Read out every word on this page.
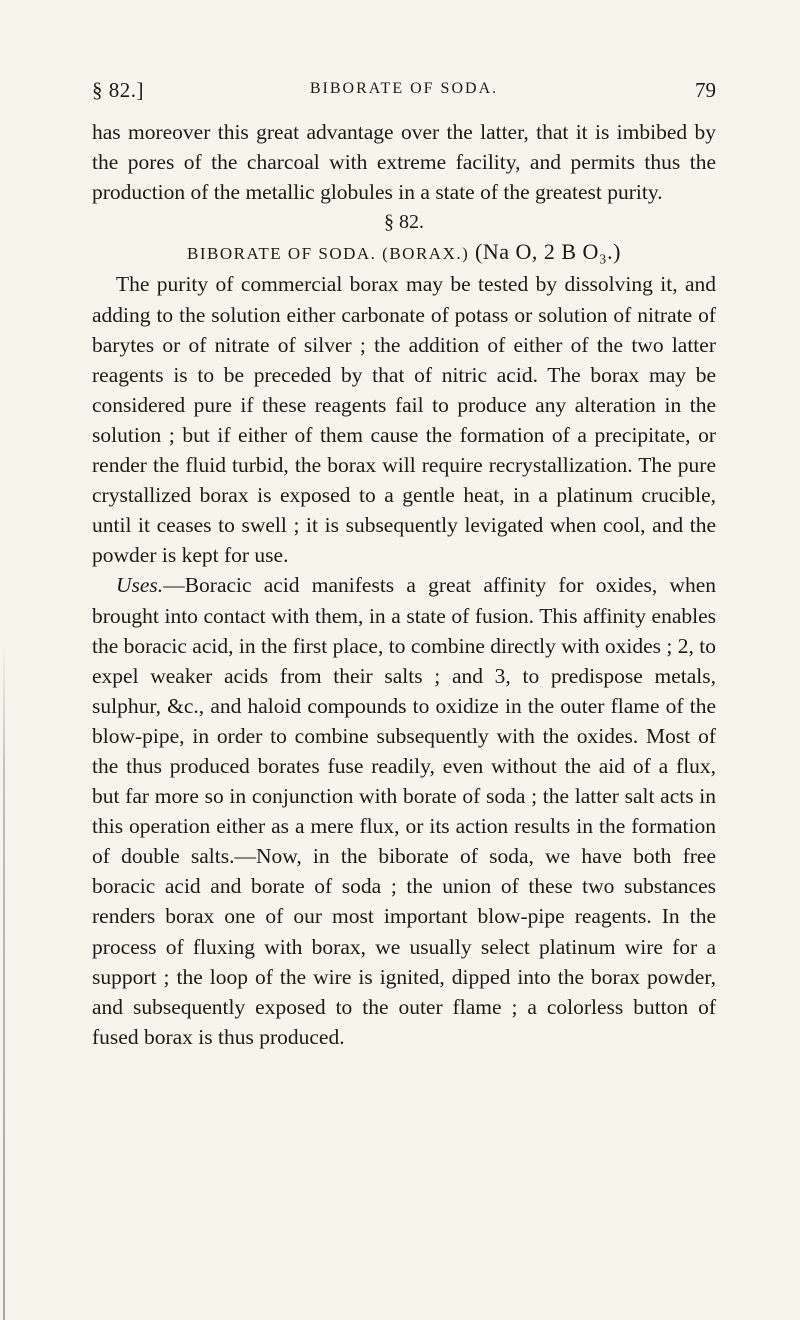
§ 82.]	BIBORATE OF SODA.	79

has moreover this great advantage over the latter, that it is imbibed by the pores of the charcoal with extreme facility, and permits thus the production of the metallic globules in a state of the greatest purity.

§ 82.

BIBORATE OF SODA. (BORAX.) (Na O, 2 B O₃.)

The purity of commercial borax may be tested by dissolving it, and adding to the solution either carbonate of potass or solution of nitrate of barytes or of nitrate of silver ; the addition of either of the two latter reagents is to be preceded by that of nitric acid. The borax may be considered pure if these reagents fail to produce any alteration in the solution ; but if either of them cause the formation of a precipitate, or render the fluid turbid, the borax will require recrystallization. The pure crystallized borax is exposed to a gentle heat, in a platinum crucible, until it ceases to swell ; it is subsequently levigated when cool, and the powder is kept for use.

Uses.—Boracic acid manifests a great affinity for oxides, when brought into contact with them, in a state of fusion. This affinity enables the boracic acid, in the first place, to combine directly with oxides ; 2, to expel weaker acids from their salts ; and 3, to predispose metals, sulphur, &c., and haloid compounds to oxidize in the outer flame of the blow-pipe, in order to combine subsequently with the oxides. Most of the thus produced borates fuse readily, even without the aid of a flux, but far more so in conjunction with borate of soda ; the latter salt acts in this operation either as a mere flux, or its action results in the formation of double salts.—Now, in the biborate of soda, we have both free boracic acid and borate of soda ; the union of these two substances renders borax one of our most important blow-pipe reagents. In the process of fluxing with borax, we usually select platinum wire for a support ; the loop of the wire is ignited, dipped into the borax powder, and subsequently exposed to the outer flame ; a colorless button of fused borax is thus produced.
